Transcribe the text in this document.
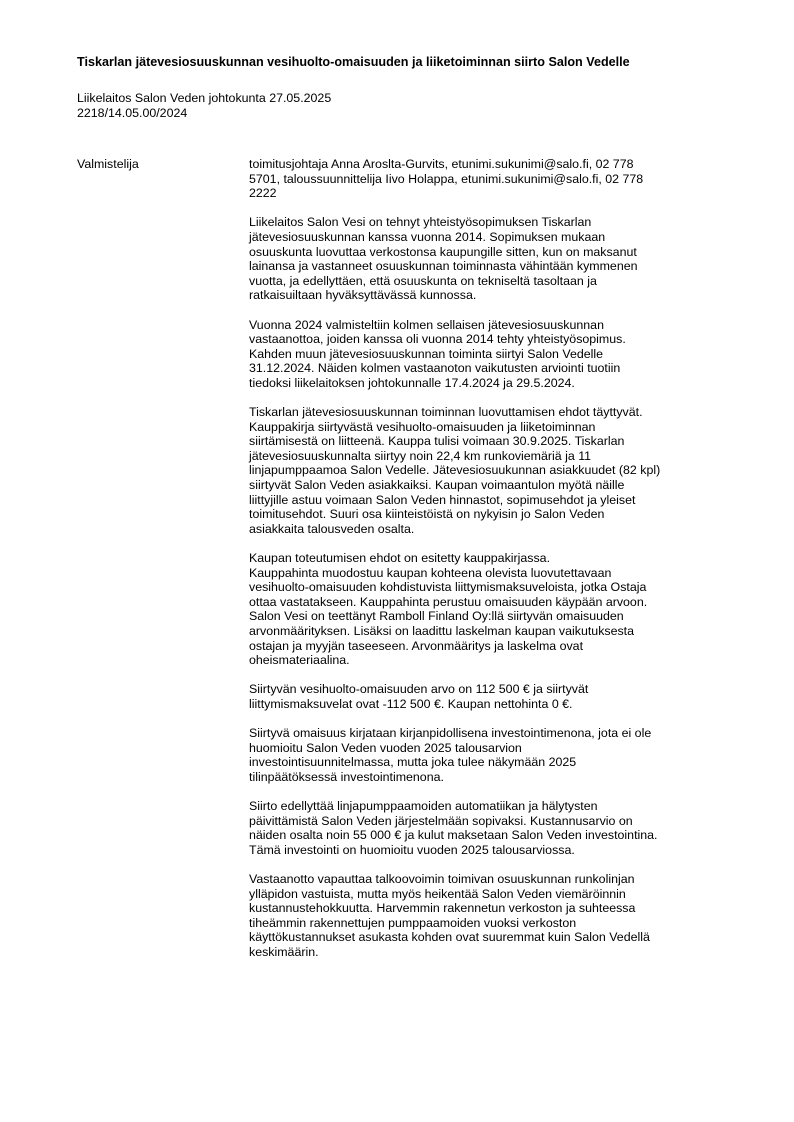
Tiskarlan jätevesiosuuskunnan vesihuolto-omaisuuden ja liiketoiminnan siirto Salon Vedelle
Liikelaitos Salon Veden johtokunta 27.05.2025
2218/14.05.00/2024
Valmistelija	toimitusjohtaja Anna Aroslta-Gurvits, etunimi.sukunimi@salo.fi, 02 778
5701, taloussuunnittelija Iivo Holappa, etunimi.sukunimi@salo.fi, 02 778
2222
Liikelaitos Salon Vesi on tehnyt yhteistyösopimuksen Tiskarlan
jätevesiosuuskunnan kanssa vuonna 2014. Sopimuksen mukaan
osuuskunta luovuttaa verkostonsa kaupungille sitten, kun on maksanut
lainansa ja vastanneet osuuskunnan toiminnasta vähintään kymmenen
vuotta, ja edellyttäen, että osuuskunta on tekniseltä tasoltaan ja
ratkaisuiltaan hyväksyttävässä kunnossa.
Vuonna 2024 valmisteltiin kolmen sellaisen jätevesiosuuskunnan
vastaanottoa, joiden kanssa oli vuonna 2014 tehty yhteistyösopimus.
Kahden muun jätevesiosuuskunnan toiminta siirtyi Salon Vedelle
31.12.2024. Näiden kolmen vastaanoton vaikutusten arviointi tuotiin
tiedoksi liikelaitoksen johtokunnalle 17.4.2024 ja 29.5.2024.
Tiskarlan jätevesiosuuskunnan toiminnan luovuttamisen ehdot täyttyvät.
Kauppakirja siirtyvästä vesihuolto-omaisuuden ja liiketoiminnan
siirtämisestä on liitteenä. Kauppa tulisi voimaan 30.9.2025. Tiskarlan
jätevesiosuuskunnalta siirtyy noin 22,4 km runkoviemäriä ja 11
linjapumppaamoa Salon Vedelle. Jätevesiosuukunnan asiakkuudet (82 kpl)
siirtyvät Salon Veden asiakkaiksi. Kaupan voimaantulon myötä näille
liittyjille astuu voimaan Salon Veden hinnastot, sopimusehdot ja yleiset
toimitusehdot. Suuri osa kiinteistöistä on nykyisin jo Salon Veden
asiakkaita talousveden osalta.
Kaupan toteutumisen ehdot on esitetty kauppakirjassa.
Kauppahinta muodostuu kaupan kohteena olevista luovutettavaan
vesihuolto-omaisuuden kohdistuvista liittymismaksuveloista, jotka Ostaja
ottaa vastatakseen. Kauppahinta perustuu omaisuuden käypään arvoon.
Salon Vesi on teettänyt Ramboll Finland Oy:llä siirtyvän omaisuuden
arvonmäärityksen. Lisäksi on laadittu laskelman kaupan vaikutuksesta
ostajan ja myyjän taseeseen. Arvonmääritys ja laskelma ovat
oheismateriaalina.
Siirtyvän vesihuolto-omaisuuden arvo on 112 500 € ja siirtyvät
liittymismaksuvelat ovat -112 500 €. Kaupan nettohinta 0 €.
Siirtyvä omaisuus kirjataan kirjanpidollisena investointimenona, jota ei ole
huomioitu Salon Veden vuoden 2025 talousarvion
investointisuunnitelmassa, mutta joka tulee näkymään 2025
tilinpäätöksessä investointimenona.
Siirto edellyttää linjapumppaamoiden automatiikan ja hälytysten
päivittämistä Salon Veden järjestelmään sopivaksi. Kustannusarvio on
näiden osalta noin 55 000 € ja kulut maksetaan Salon Veden investointina.
Tämä investointi on huomioitu vuoden 2025 talousarviossa.
Vastaanotto vapauttaa talkoovoimin toimivan osuuskunnan runkolinjan
ylläpidon vastuista, mutta myös heikentää Salon Veden viemäröinnin
kustannustehokkuutta. Harvemmin rakennetun verkoston ja suhteessa
tiheämmin rakennettujen pumppaamoiden vuoksi verkoston
käyttökustannukset asukasta kohden ovat suuremmat kuin Salon Vedellä
keskimäärin.
